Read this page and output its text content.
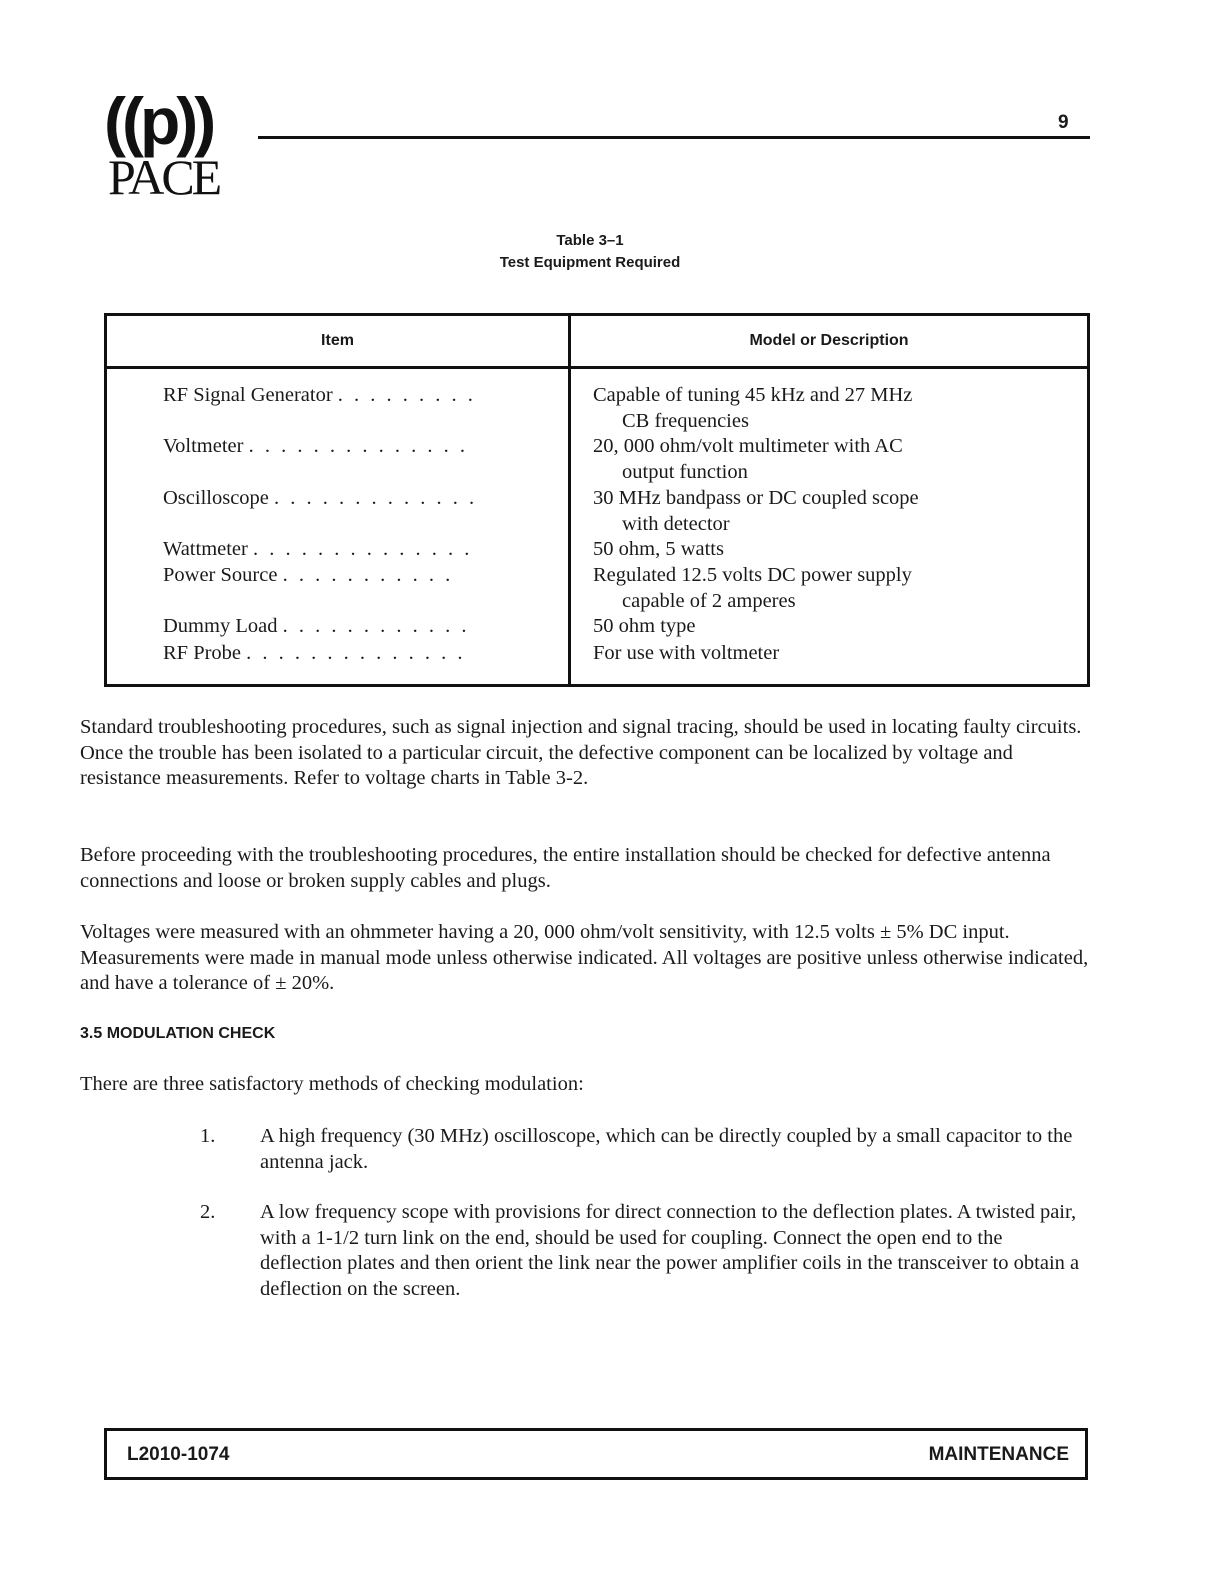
((p))
PACE
9
Table 3–1
Test Equipment Required
Item	Model or Description
RF Signal Generator . . . . . . . . .
Voltmeter . . . . . . . . . . . . . .
Oscilloscope . . . . . . . . . . . . .
Wattmeter . . . . . . . . . . . . . .
Power Source . . . . . . . . . . .
Dummy Load . . . . . . . . . . . .
RF Probe . . . . . . . . . . . . . .
Capable of tuning 45 kHz and 27 MHz
CB frequencies
20, 000 ohm/volt multimeter with AC
output function
30 MHz bandpass or DC coupled scope
with detector
50 ohm, 5 watts
Regulated 12.5 volts DC power supply
capable of 2 amperes
50 ohm type
For use with voltmeter
Standard troubleshooting procedures, such as signal injection and signal tracing, should be used in locating faulty circuits. Once the trouble has been isolated to a particular circuit, the defective component can be localized by voltage and resistance measurements. Refer to voltage charts in Table 3-2.
Before proceeding with the troubleshooting procedures, the entire installation should be checked for defective antenna connections and loose or broken supply cables and plugs.
Voltages were measured with an ohmmeter having a 20, 000 ohm/volt sensitivity, with 12.5 volts ± 5% DC input. Measurements were made in manual mode unless otherwise indicated. All voltages are positive unless otherwise indicated, and have a tolerance of ± 20%.
3.5 MODULATION CHECK
There are three satisfactory methods of checking modulation:
1. A high frequency (30 MHz) oscilloscope, which can be directly coupled by a small capacitor to the antenna jack.
2. A low frequency scope with provisions for direct connection to the deflection plates. A twisted pair, with a 1-1/2 turn link on the end, should be used for coupling. Connect the open end to the deflection plates and then orient the link near the power amplifier coils in the transceiver to obtain a deflection on the screen.
L2010-1074	MAINTENANCE
